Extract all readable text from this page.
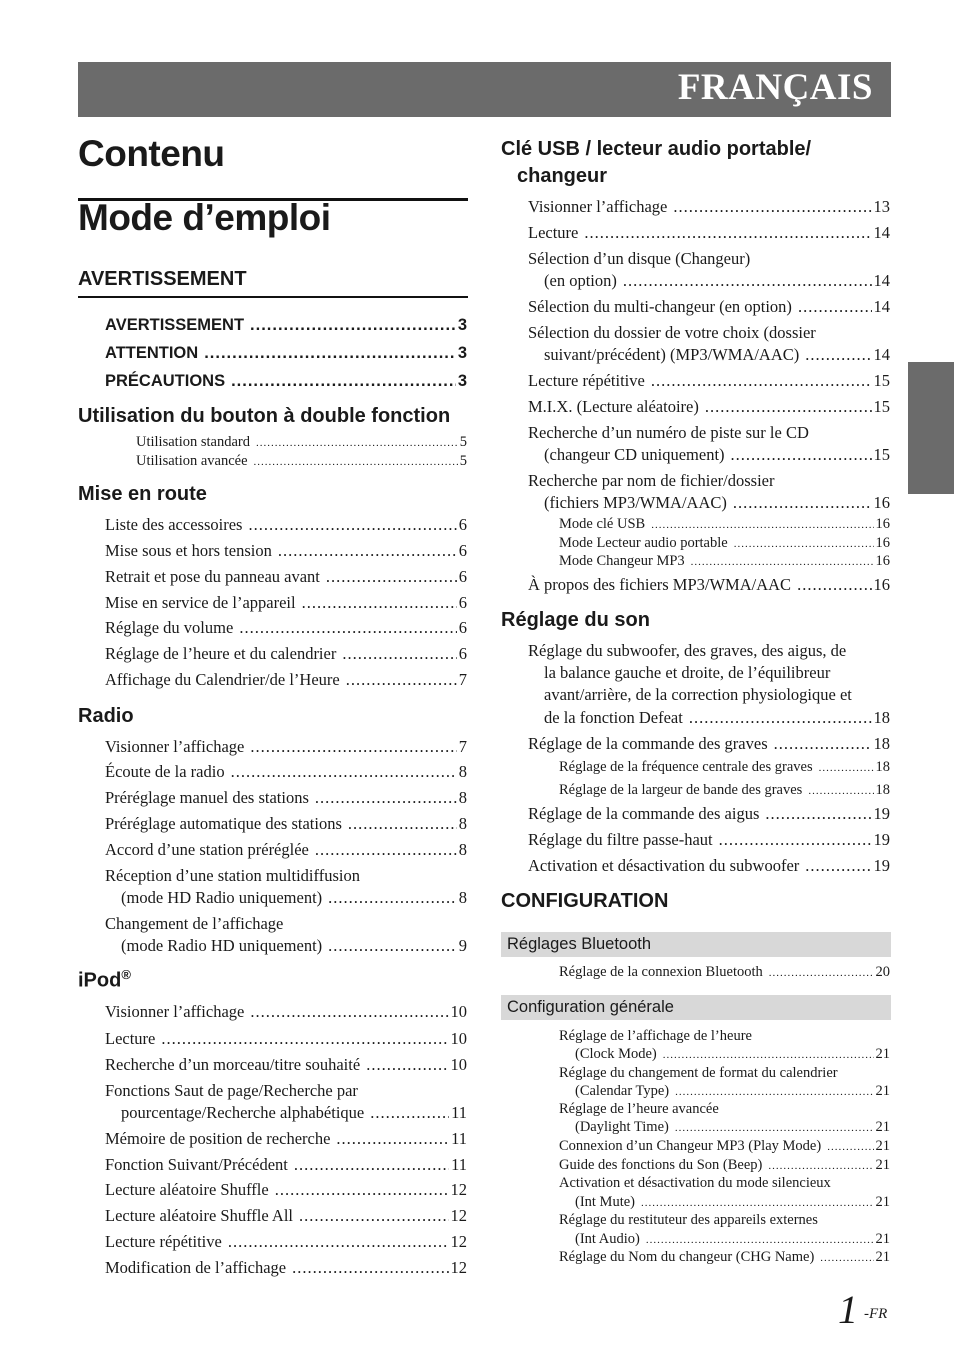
FRANÇAIS
Contenu
Mode d’emploi
AVERTISSEMENT
AVERTISSEMENT .....	3
ATTENTION .....	3
PRÉCAUTIONS .....	3
Utilisation du bouton à double fonction
Utilisation standard .....	5
Utilisation avancée .....	5
Mise en route
Liste des accessoires .....	6
Mise sous et hors tension .....	6
Retrait et pose du panneau avant .....	6
Mise en service de l’appareil .....	6
Réglage du volume .....	6
Réglage de l’heure et du calendrier .....	6
Affichage du Calendrier/de l’Heure .....	7
Radio
Visionner l’affichage .....	7
Écoute de la radio .....	8
Préréglage manuel des stations .....	8
Préréglage automatique des stations .....	8
Accord d’une station préréglée .....	8
Réception d’une station multidiffusion
(mode HD Radio uniquement) .....	8
Changement de l’affichage
(mode Radio HD uniquement) .....	9
iPod®
Visionner l’affichage .....	10
Lecture .....	10
Recherche d’un morceau/titre souhaité .....	10
Fonctions Saut de page/Recherche par
pourcentage/Recherche alphabétique .....	11
Mémoire de position de recherche .....	11
Fonction Suivant/Précédent .....	11
Lecture aléatoire Shuffle .....	12
Lecture aléatoire Shuffle All .....	12
Lecture répétitive .....	12
Modification de l’affichage .....	12
Clé USB / lecteur audio portable/
changeur
Visionner l’affichage .....	13
Lecture .....	14
Sélection d’un disque (Changeur)
(en option) .....	14
Sélection du multi-changeur (en option) .....	14
Sélection du dossier de votre choix (dossier
suivant/précédent) (MP3/WMA/AAC) .....	14
Lecture répétitive .....	15
M.I.X. (Lecture aléatoire) .....	15
Recherche d’un numéro de piste sur le CD
(changeur CD uniquement) .....	15
Recherche par nom de fichier/dossier
(fichiers MP3/WMA/AAC) .....	16
Mode clé USB .....	16
Mode Lecteur audio portable .....	16
Mode Changeur MP3 .....	16
À propos des fichiers MP3/WMA/AAC .....	16
Réglage du son
Réglage du subwoofer, des graves, des aigus, de
la balance gauche et droite, de l’équilibreur
avant/arrière, de la correction physiologique et
de la fonction Defeat .....	18
Réglage de la commande des graves .....	18
Réglage de la fréquence centrale des graves .....	18
Réglage de la largeur de bande des graves .....	18
Réglage de la commande des aigus .....	19
Réglage du filtre passe-haut .....	19
Activation et désactivation du subwoofer .....	19
CONFIGURATION
Réglages Bluetooth
Réglage de la connexion Bluetooth .....	20
Configuration générale
Réglage de l’affichage de l’heure
(Clock Mode) .....	21
Réglage du changement de format du calendrier
(Calendar Type) .....	21
Réglage de l’heure avancée
(Daylight Time) .....	21
Connexion d’un Changeur MP3 (Play Mode) .....	21
Guide des fonctions du Son (Beep) .....	21
Activation et désactivation du mode silencieux
(Int Mute) .....	21
Réglage du restituteur des appareils externes
(Int Audio) .....	21
Réglage du Nom du changeur (CHG Name) .....	21
1 -FR
